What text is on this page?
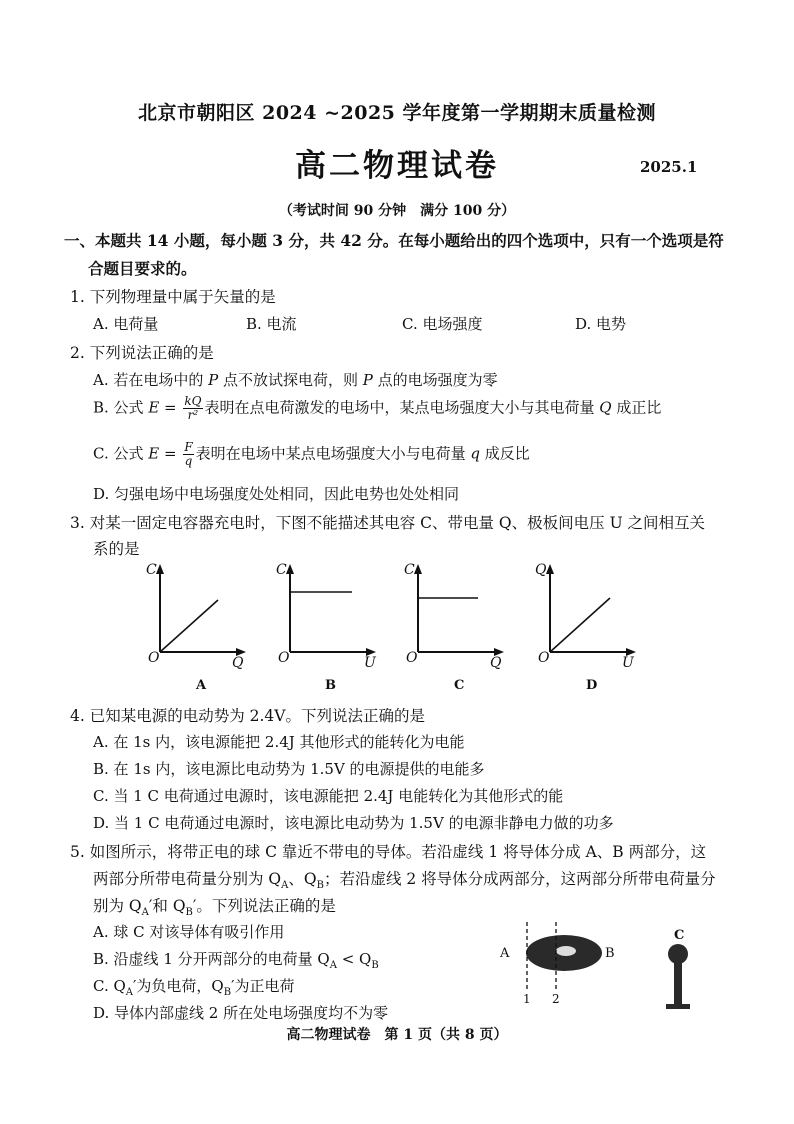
北京市朝阳区 2024 ~2025 学年度第一学期期末质量检测
高二物理试卷	2025.1
（考试时间 90 分钟　满分 100 分）
一、本题共 14 小题，每小题 3 分，共 42 分。在每小题给出的四个选项中，只有一个选项是符
合题目要求的。
1. 下列物理量中属于矢量的是
A. 电荷量	B. 电流	C. 电场强度	D. 电势
2. 下列说法正确的是
A. 若在电场中的 P 点不放试探电荷，则 P 点的电场强度为零
B. 公式 $E = \frac{kQ}{\text{r²}}$ 表明在点电荷激发的电场中，某点电场强度大小与其电荷量 Q 成正比
C. 公式 $E = \frac{F}{q}$ 表明在电场中某点电场强度大小与电荷量 q 成反比
D. 匀强电场中电场强度处处相同，因此电势也处处相同
3. 对某一固定电容器充电时，下图不能描述其电容 C、带电量 Q、极板间电压 U 之间相互关
系的是
C
O	Q
A
C
O	U
B
C
O	Q
C
Q
O	U
D
4. 已知某电源的电动势为 2.4V。下列说法正确的是
A. 在 1s 内，该电源能把 2.4J 其他形式的能转化为电能
B. 在 1s 内，该电源比电动势为 1.5V 的电源提供的电能多
C. 当 1 C 电荷通过电源时，该电源能把 2.4J 电能转化为其他形式的能
D. 当 1 C 电荷通过电源时，该电源比电动势为 1.5V 的电源非静电力做的功多
5. 如图所示，将带正电的球 C 靠近不带电的导体。若沿虚线 1 将导体分成 A、B 两部分，这
两部分所带电荷量分别为 $Q_A$、$Q_B$；若沿虚线 2 将导体分成两部分，这两部分所带电荷量分
别为 $Q_A'$和 $Q_B'$。下列说法正确的是
A. 球 C 对该导体有吸引作用
B. 沿虚线 1 分开两部分的电荷量 $Q_A < Q_B$
C. $Q_A'$为负电荷，$Q_B'$为正电荷
D. 导体内部虚线 2 所在处电场强度均不为零
A	B
C
1 2
高二物理试卷　第 1 页（共 8 页）
